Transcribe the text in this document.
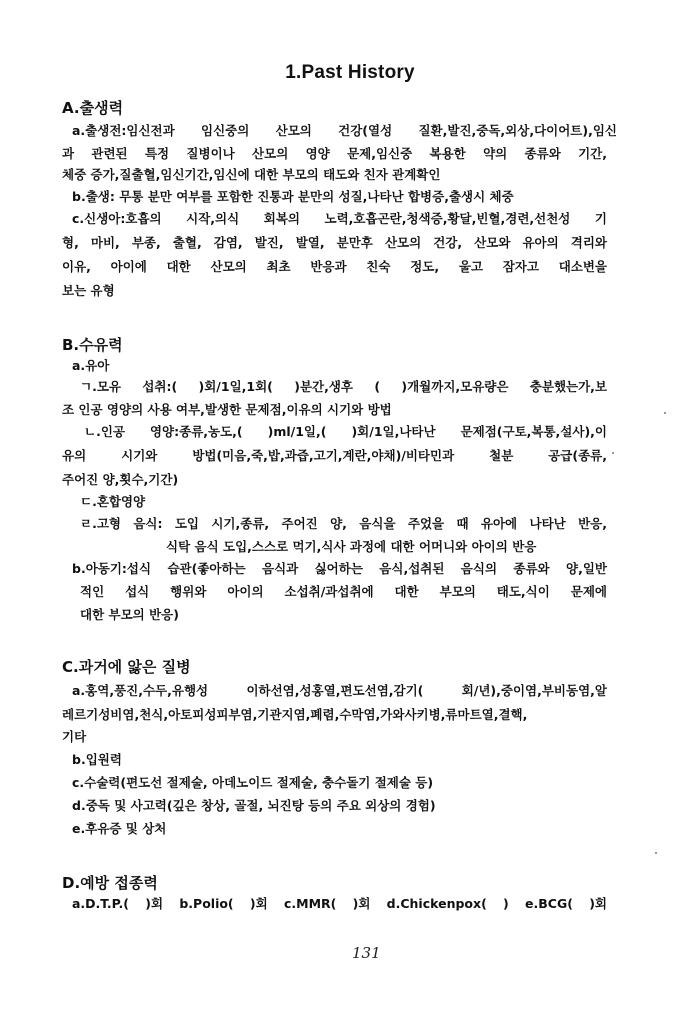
1.Past History
A.출생력
a.출생전:임신전과 임신중의 산모의 건강(열성 질환,발진,중독,외상,다이어트),임신
과 관련된 특정 질병이나 산모의 영양 문제,임신중 복용한 약의 종류와 기간,
체중 증가,질출혈,임신기간,임신에 대한 부모의 태도와 친자 관계확인
b.출생: 무통 분만 여부를 포함한 진통과 분만의 성질,나타난 합병증,출생시 체중
c.신생아:호흡의 시작,의식 회복의 노력,호흡곤란,청색증,황달,빈혈,경련,선천성 기
형, 마비, 부종, 출혈, 감염, 발진, 발열, 분만후 산모의 건강, 산모와 유아의 격리와
이유, 아이에 대한 산모의 최초 반응과 친숙 정도, 울고 잠자고 대소변을
보는 유형
B.수유력
a.유아
ㄱ.모유 섭취:( )회/1일,1회( )분간,생후 ( )개월까지,모유량은 충분했는가,보
조 인공 영양의 사용 여부,발생한 문제점,이유의 시기와 방법
ㄴ.인공 영양:종류,농도,( )ml/1일,( )회/1일,나타난 문제점(구토,복통,설사),이
유의 시기와 방법(미음,죽,밥,과즙,고기,계란,야채)/비타민과 철분 공급(종류,
주어진 양,횟수,기간)
ㄷ.혼합영양
ㄹ.고형 음식: 도입 시기,종류, 주어진 양, 음식을 주었을 때 유아에 나타난 반응,
식탁 음식 도입,스스로 먹기,식사 과정에 대한 어머니와 아이의 반응
b.아동기:섭식 습관(좋아하는 음식과 싫어하는 음식,섭취된 음식의 종류와 양,일반
적인 섭식 행위와 아이의 소섭취/과섭취에 대한 부모의 태도,식이 문제에
대한 부모의 반응)
C.과거에 앓은 질병
a.홍역,풍진,수두,유행성 이하선염,성홍열,편도선염,감기( 회/년),중이염,부비동염,알
레르기성비염,천식,아토피성피부염,기관지염,폐렴,수막염,가와사키병,류마트열,결핵,
기타
b.입원력
c.수술력(편도선 절제술, 아데노이드 절제술, 충수돌기 절제술 등)
d.중독 및 사고력(깊은 창상, 골절, 뇌진탕 등의 주요 외상의 경험)
e.후유증 및 상처
D.예방 접종력
a.D.T.P.( )회 b.Polio( )회 c.MMR( )회 d.Chickenpox( ) e.BCG( )회
131
